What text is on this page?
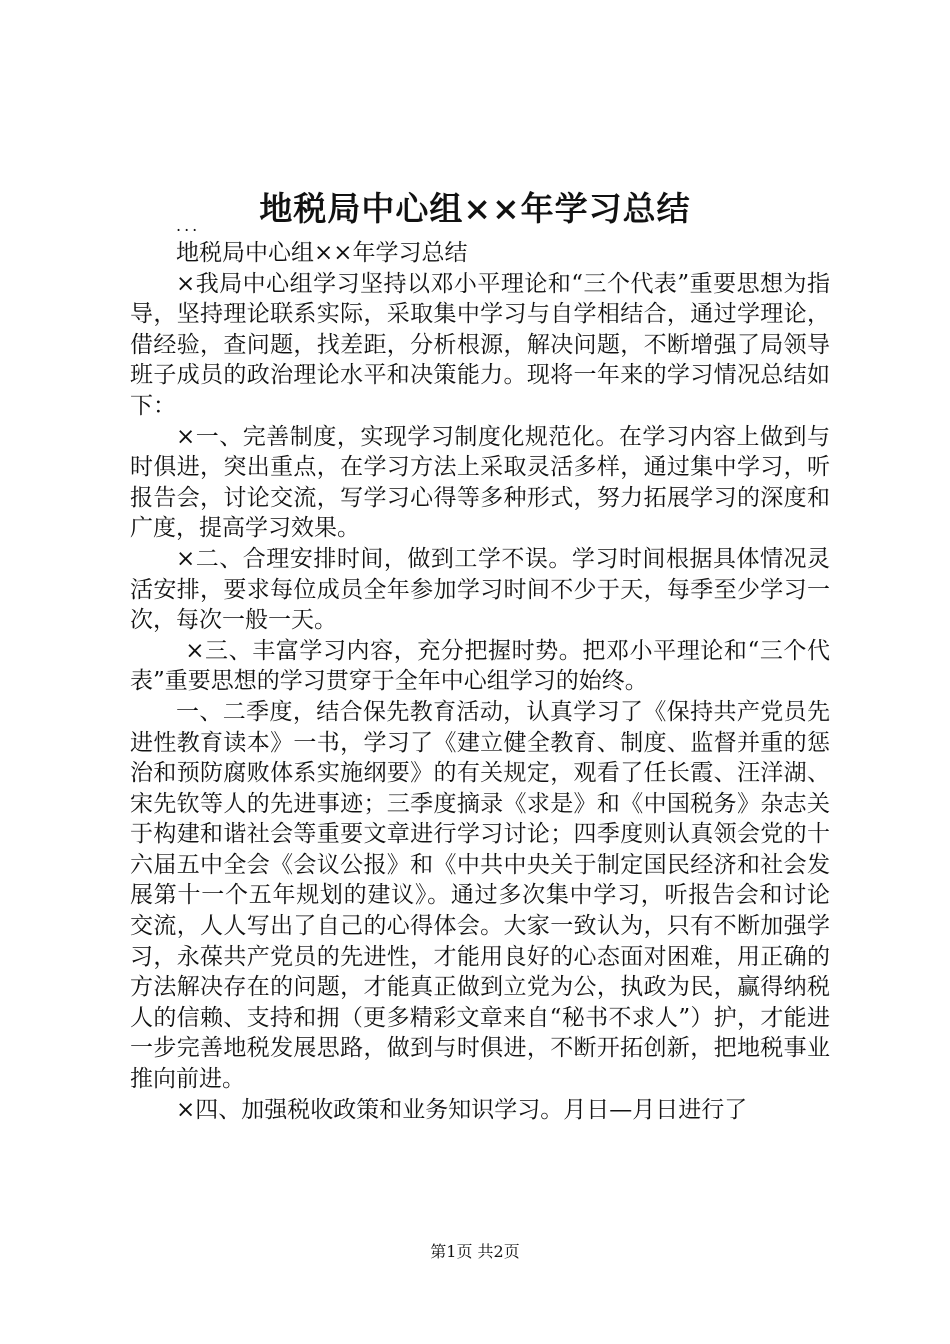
地税局中心组××年学习总结
...

地税局中心组××年学习总结

×我局中心组学习坚持以邓小平理论和“三个代表”重要思想为指导，坚持理论联系实际，采取集中学习与自学相结合，通过学理论，借经验，查问题，找差距，分析根源，解决问题，不断增强了局领导班子成员的政治理论水平和决策能力。现将一年来的学习情况总结如下：

×一、完善制度，实现学习制度化规范化。在学习内容上做到与时俱进，突出重点，在学习方法上采取灵活多样，通过集中学习，听报告会，讨论交流，写学习心得等多种形式，努力拓展学习的深度和广度，提高学习效果。

×二、合理安排时间，做到工学不误。学习时间根据具体情况灵活安排，要求每位成员全年参加学习时间不少于天，每季至少学习一次，每次一般一天。

×三、丰富学习内容，充分把握时势。把邓小平理论和“三个代表”重要思想的学习贯穿于全年中心组学习的始终。

一、二季度，结合保先教育活动，认真学习了《保持共产党员先进性教育读本》一书，学习了《建立健全教育、制度、监督并重的惩治和预防腐败体系实施纲要》的有关规定，观看了任长霞、汪洋湖、宋先钦等人的先进事迹；三季度摘录《求是》和《中国税务》杂志关于构建和谐社会等重要文章进行学习讨论；四季度则认真领会党的十六届五中全会《会议公报》和《中共中央关于制定国民经济和社会发展第十一个五年规划的建议》。通过多次集中学习，听报告会和讨论交流，人人写出了自己的心得体会。大家一致认为，只有不断加强学习，永葆共产党员的先进性，才能用良好的心态面对困难，用正确的方法解决存在的问题，才能真正做到立党为公，执政为民，赢得纳税人的信赖、支持和拥（更多精彩文章来自“秘书不求人”）护，才能进一步完善地税发展思路，做到与时俱进，不断开拓创新，把地税事业推向前进。

×四、加强税收政策和业务知识学习。月日—月日进行了

第1页 共2页
